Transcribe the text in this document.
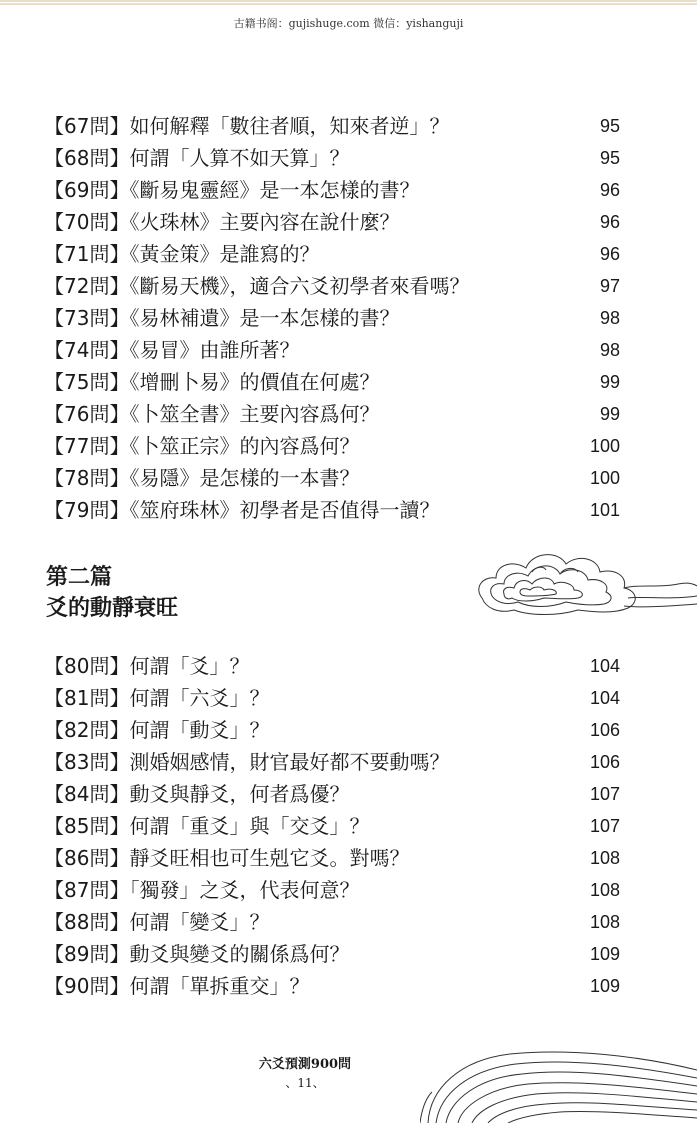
古籍书阁：gujishuge.com 微信：yishanguji
【67問】如何解釋「數往者順，知來者逆」？	95
【68問】何謂「人算不如天算」？	95
【69問】《斷易鬼靈經》是一本怎樣的書？	96
【70問】《火珠林》主要內容在說什麼？	96
【71問】《黃金策》是誰寫的？	96
【72問】《斷易天機》，適合六爻初學者來看嗎？	97
【73問】《易林補遺》是一本怎樣的書？	98
【74問】《易冒》由誰所著？	98
【75問】《增刪卜易》的價值在何處？	99
【76問】《卜筮全書》主要內容爲何？	99
【77問】《卜筮正宗》的內容爲何？	100
【78問】《易隱》是怎樣的一本書？	100
【79問】《筮府珠林》初學者是否值得一讀？	101
第二篇
爻的動靜衰旺
【80問】何謂「爻」？	104
【81問】何謂「六爻」？	104
【82問】何謂「動爻」？	106
【83問】測婚姻感情，財官最好都不要動嗎？	106
【84問】動爻與靜爻，何者爲優？	107
【85問】何謂「重爻」與「交爻」？	107
【86問】靜爻旺相也可生剋它爻。對嗎？	108
【87問】「獨發」之爻，代表何意？	108
【88問】何謂「變爻」？	108
【89問】動爻與變爻的關係爲何？	109
【90問】何謂「單拆重交」？	109
六爻預測900問
、11、
